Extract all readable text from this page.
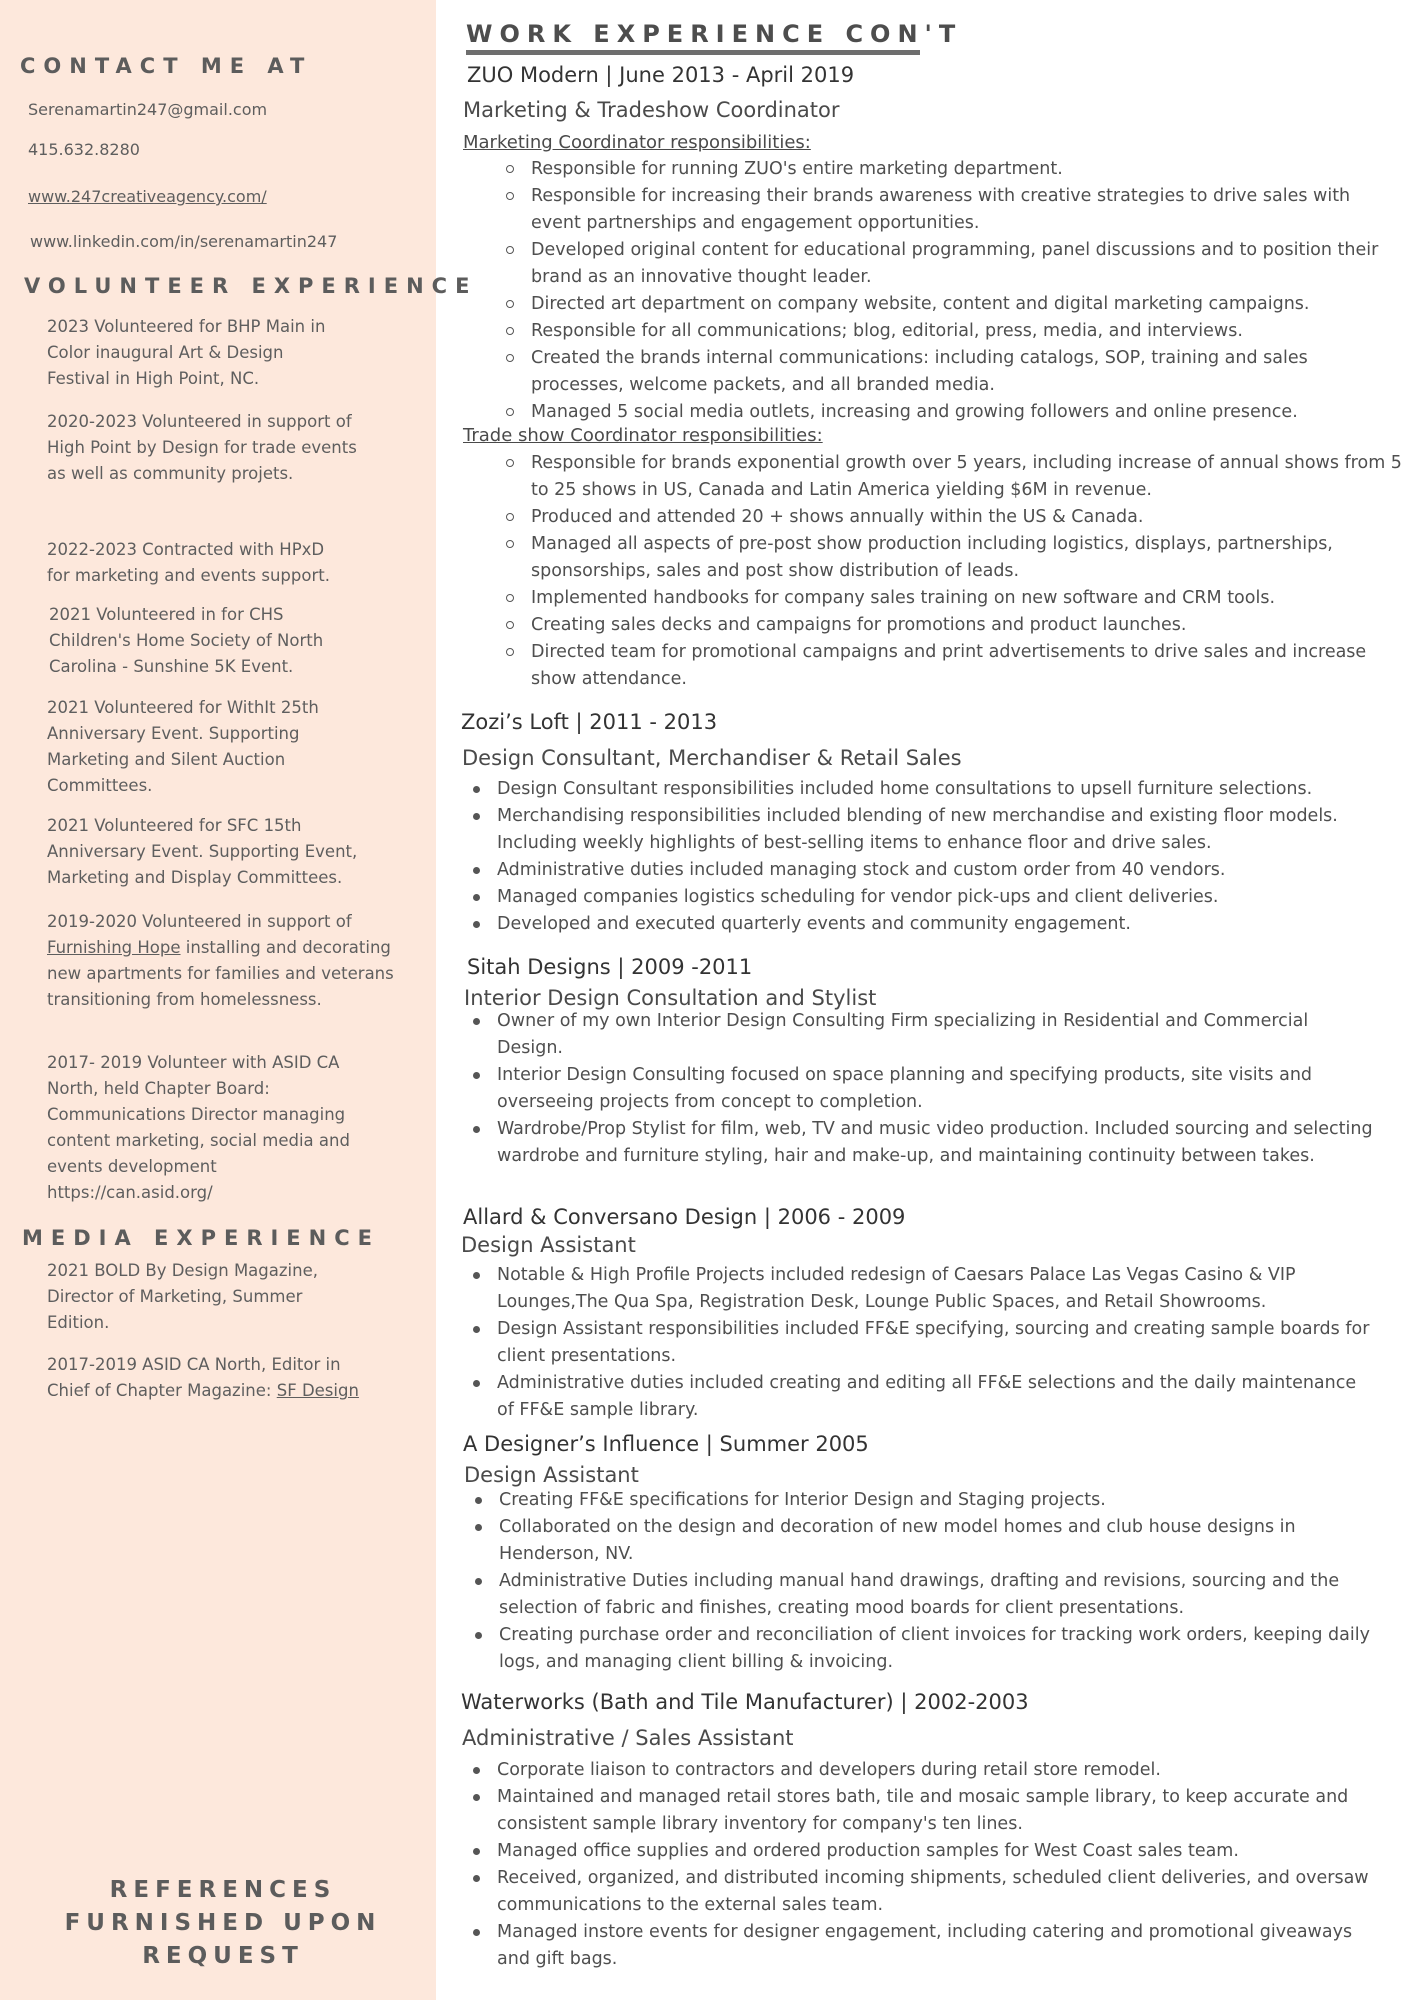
CONTACT ME AT
Serenamartin247@gmail.com
415.632.8280
www.247creativeagency.com/
www.linkedin.com/in/serenamartin247
VOLUNTEER EXPERIENCE
2023 Volunteered for BHP Main in Color inaugural Art & Design Festival in High Point, NC.
2020-2023 Volunteered in support of High Point by Design for trade events as well as community projets.
2022-2023 Contracted with HPxD for marketing and events support.
2021 Volunteered in for CHS Children's Home Society of North Carolina - Sunshine 5K Event.
2021 Volunteered for WithIt 25th Anniversary Event. Supporting Marketing and Silent Auction Committees.
2021 Volunteered for SFC 15th Anniversary Event. Supporting Event, Marketing and Display Committees.
2019-2020 Volunteered in support of Furnishing Hope installing and decorating new apartments for families and veterans transitioning from homelessness.
2017- 2019 Volunteer with ASID CA North, held Chapter Board: Communications Director managing content marketing, social media and events development https://can.asid.org/
MEDIA EXPERIENCE
2021 BOLD By Design Magazine, Director of Marketing, Summer Edition.
2017-2019 ASID CA North, Editor in Chief of Chapter Magazine: SF Design
REFERENCES
FURNISHED UPON
REQUEST
WORK EXPERIENCE CON'T
ZUO Modern | June 2013 - April 2019
Marketing & Tradeshow Coordinator
Marketing Coordinator responsibilities:
Responsible for running ZUO's entire marketing department.
Responsible for increasing their brands awareness with creative strategies to drive sales with event partnerships and engagement opportunities.
Developed original content for educational programming, panel discussions and to position their brand as an innovative thought leader.
Directed art department on company website, content and digital marketing campaigns.
Responsible for all communications; blog, editorial, press, media, and interviews.
Created the brands internal communications: including catalogs, SOP, training and sales processes, welcome packets, and all branded media.
Managed 5 social media outlets, increasing and growing followers and online presence.
Trade show Coordinator responsibilities:
Responsible for brands exponential growth over 5 years, including increase of annual shows from 5 to 25 shows in US, Canada and Latin America yielding $6M in revenue.
Produced and attended 20 + shows annually within the US & Canada.
Managed all aspects of pre-post show production including logistics, displays, partnerships, sponsorships, sales and post show distribution of leads.
Implemented handbooks for company sales training on new software and CRM tools.
Creating sales decks and campaigns for promotions and product launches.
Directed team for promotional campaigns and print advertisements to drive sales and increase show attendance.
Zozi’s Loft | 2011 - 2013
Design Consultant, Merchandiser & Retail Sales
Design Consultant responsibilities included home consultations to upsell furniture selections.
Merchandising responsibilities included blending of new merchandise and existing floor models. Including weekly highlights of best-selling items to enhance floor and drive sales.
Administrative duties included managing stock and custom order from 40 vendors.
Managed companies logistics scheduling for vendor pick-ups and client deliveries.
Developed and executed quarterly events and community engagement.
Sitah Designs | 2009 -2011
Interior Design Consultation and Stylist
Owner of my own Interior Design Consulting Firm specializing in Residential and Commercial Design.
Interior Design Consulting focused on space planning and specifying products, site visits and overseeing projects from concept to completion.
Wardrobe/Prop Stylist for film, web, TV and music video production. Included sourcing and selecting wardrobe and furniture styling, hair and make-up, and maintaining continuity between takes.
Allard & Conversano Design | 2006 - 2009
Design Assistant
Notable & High Profile Projects included redesign of Caesars Palace Las Vegas Casino & VIP Lounges,The Qua Spa, Registration Desk, Lounge Public Spaces, and Retail Showrooms.
Design Assistant responsibilities included FF&E specifying, sourcing and creating sample boards for client presentations.
Administrative duties included creating and editing all FF&E selections and the daily maintenance of FF&E sample library.
A Designer’s Influence | Summer 2005
Design Assistant
Creating FF&E specifications for Interior Design and Staging projects.
Collaborated on the design and decoration of new model homes and club house designs in Henderson, NV.
Administrative Duties including manual hand drawings, drafting and revisions, sourcing and the selection of fabric and finishes, creating mood boards for client presentations.
Creating purchase order and reconciliation of client invoices for tracking work orders, keeping daily logs, and managing client billing & invoicing.
Waterworks (Bath and Tile Manufacturer) | 2002-2003
Administrative / Sales Assistant
Corporate liaison to contractors and developers during retail store remodel.
Maintained and managed retail stores bath, tile and mosaic sample library, to keep accurate and consistent sample library inventory for company's ten lines.
Managed office supplies and ordered production samples for West Coast sales team.
Received, organized, and distributed incoming shipments, scheduled client deliveries, and oversaw communications to the external sales team.
Managed instore events for designer engagement, including catering and promotional giveaways and gift bags.
